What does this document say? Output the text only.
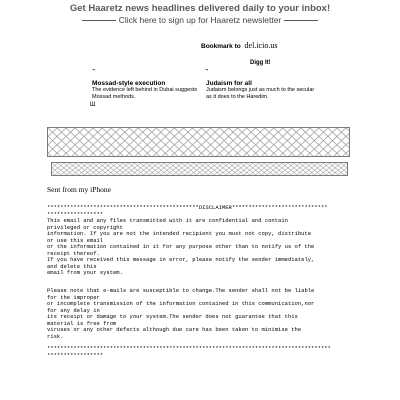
Get Haaretz news headlines delivered daily to your inbox!
Click here to sign up for Haaretz newsletter
Bookmark to del.icio.us
Digg It!
¬	¬
Mossad-style execution
The evidence left behind in Dubai suggests Mossad methods.
Judaism for all
Judaism belongs just as much to the secular as it does to the Haredim.
Ш
Sent from my iPhone
**********************************************DISCLAIMER*****************************
*****************
This email and any files transmitted with it are confidential and contain
privileged or copyright
information. If you are not the intended recipient you must not copy, distribute
or use this email
or the information contained in it for any purpose other than to notify us of the
receipt thereof.
If you have received this message in error, please notify the sender immediately,
and delete this
email from your system.
Please note that e-mails are susceptible to change.The sender shall not be liable
for the improper
or incomplete transmission of the information contained in this communication,nor
for any delay in
its receipt or damage to your system.The sender does not guarantee that this
material is free from
viruses or any other defects although due care has been taken to minimise the
risk.
**************************************************************************************
*****************
